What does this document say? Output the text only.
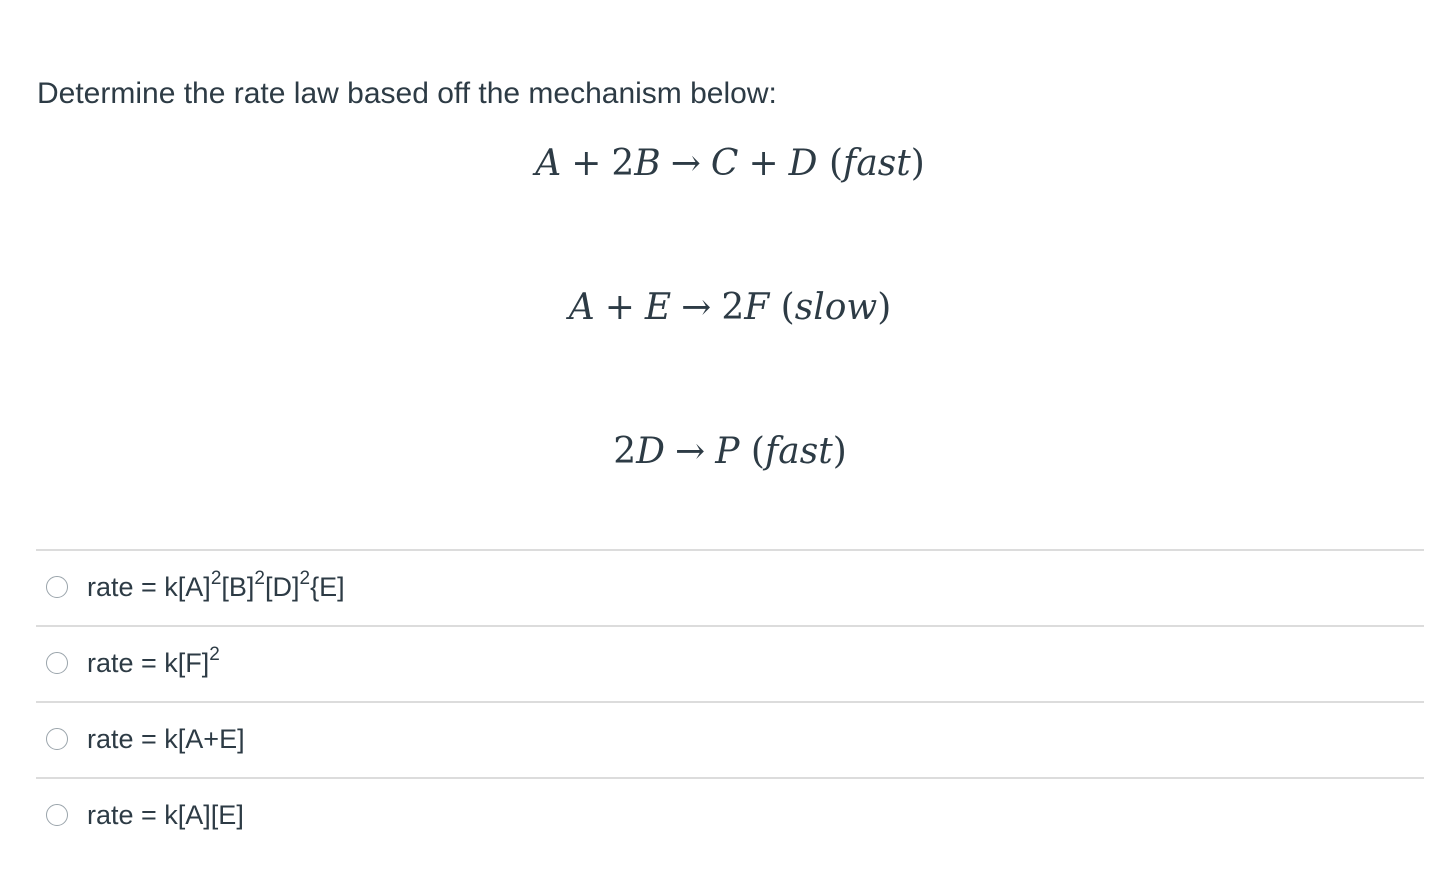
Determine the rate law based off the mechanism below:
A + 2B → C + D (fast)
A + E → 2F (slow)
2D → P (fast)
rate = $k[A]^2[B]^2[D]^2\{E]$
rate = $k[F]^2$
rate = k[A+E]
rate = k[A][E]
